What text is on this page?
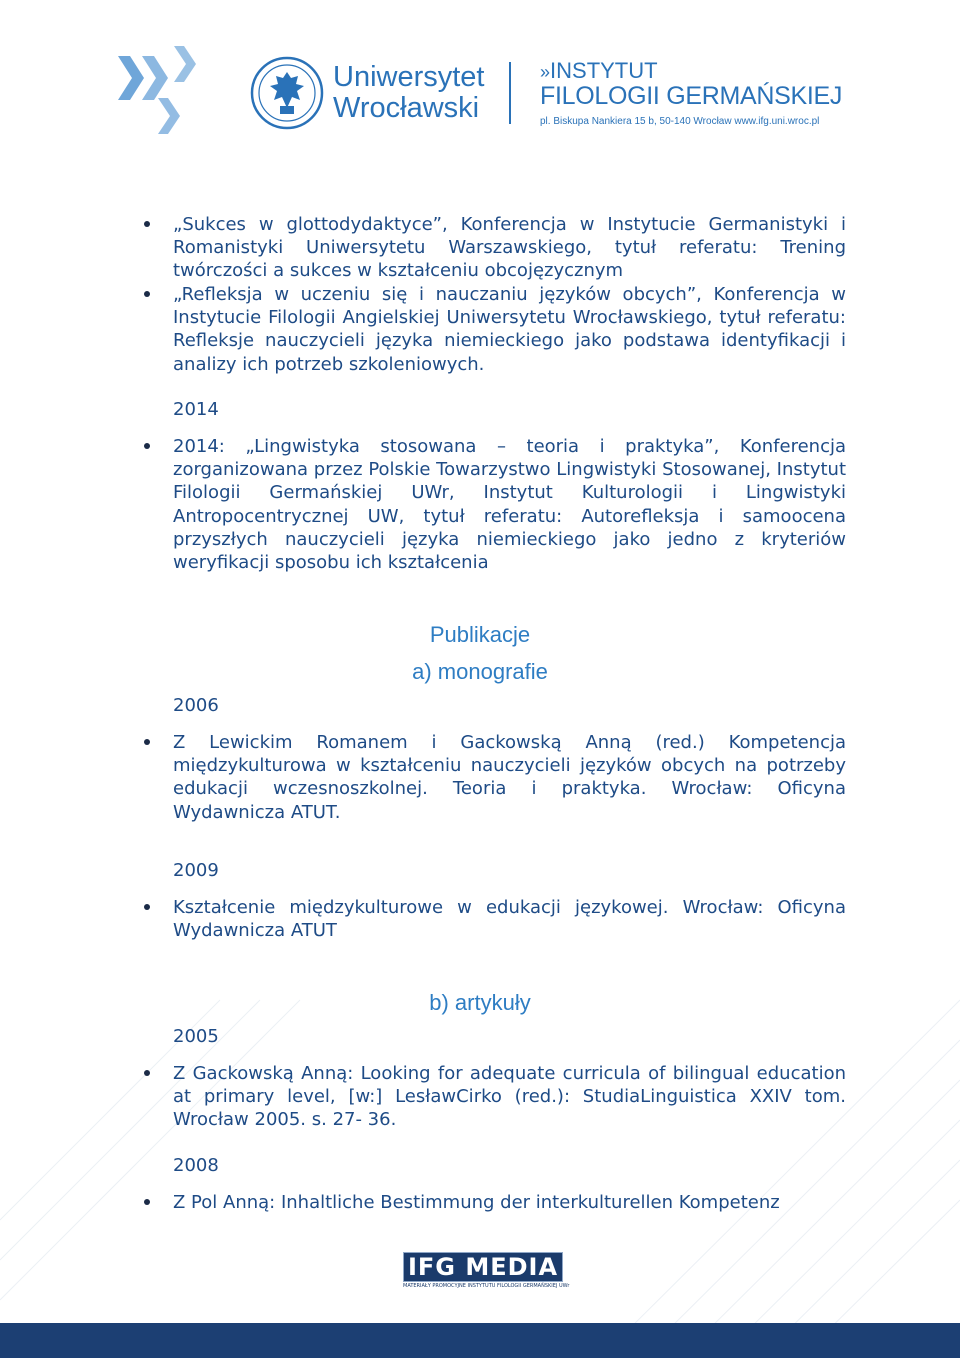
Uniwersytet
Wrocławski
»INSTYTUT
FILOLOGII GERMAŃSKIEJ
pl. Biskupa Nankiera 15 b, 50-140 Wrocław www.ifg.uni.wroc.pl
„Sukces w glottodydaktyce”, Konferencja w Instytucie Germanistyki i Romanistyki Uniwersytetu Warszawskiego, tytuł referatu: Trening twórczości a sukces w kształceniu obcojęzycznym
„Refleksja w uczeniu się i nauczaniu języków obcych”, Konferencja w Instytucie Filologii Angielskiej Uniwersytetu Wrocławskiego, tytuł referatu: Refleksje nauczycieli języka niemieckiego jako podstawa identyfikacji i analizy ich potrzeb szkoleniowych.
2014
2014: „Lingwistyka stosowana – teoria i praktyka”, Konferencja zorganizowana przez Polskie Towarzystwo Lingwistyki Stosowanej, Instytut Filologii Germańskiej UWr, Instytut Kulturologii i Lingwistyki Antropocentrycznej UW, tytuł referatu: Autorefleksja i samoocena przyszłych nauczycieli języka niemieckiego jako jedno z kryteriów weryfikacji sposobu ich kształcenia
Publikacje
a) monografie
2006
Z Lewickim Romanem i Gackowską Anną (red.) Kompetencja międzykulturowa w kształceniu nauczycieli języków obcych na potrzeby edukacji wczesnoszkolnej. Teoria i praktyka. Wrocław: Oficyna Wydawnicza ATUT.
2009
Kształcenie międzykulturowe w edukacji językowej. Wrocław: Oficyna Wydawnicza ATUT
b) artykuły
2005
Z Gackowską Anną: Looking for adequate curricula of bilingual education at primary level, [w:] LesławCirko (red.): StudiaLinguistica XXIV tom. Wrocław 2005. s. 27- 36.
2008
Z Pol Anną: Inhaltliche Bestimmung der interkulturellen Kompetenz
IFG MEDIA
MATERIAŁY PROMOCYJNE INSTYTUTU FILOLOGII GERMAŃSKIEJ UWr
